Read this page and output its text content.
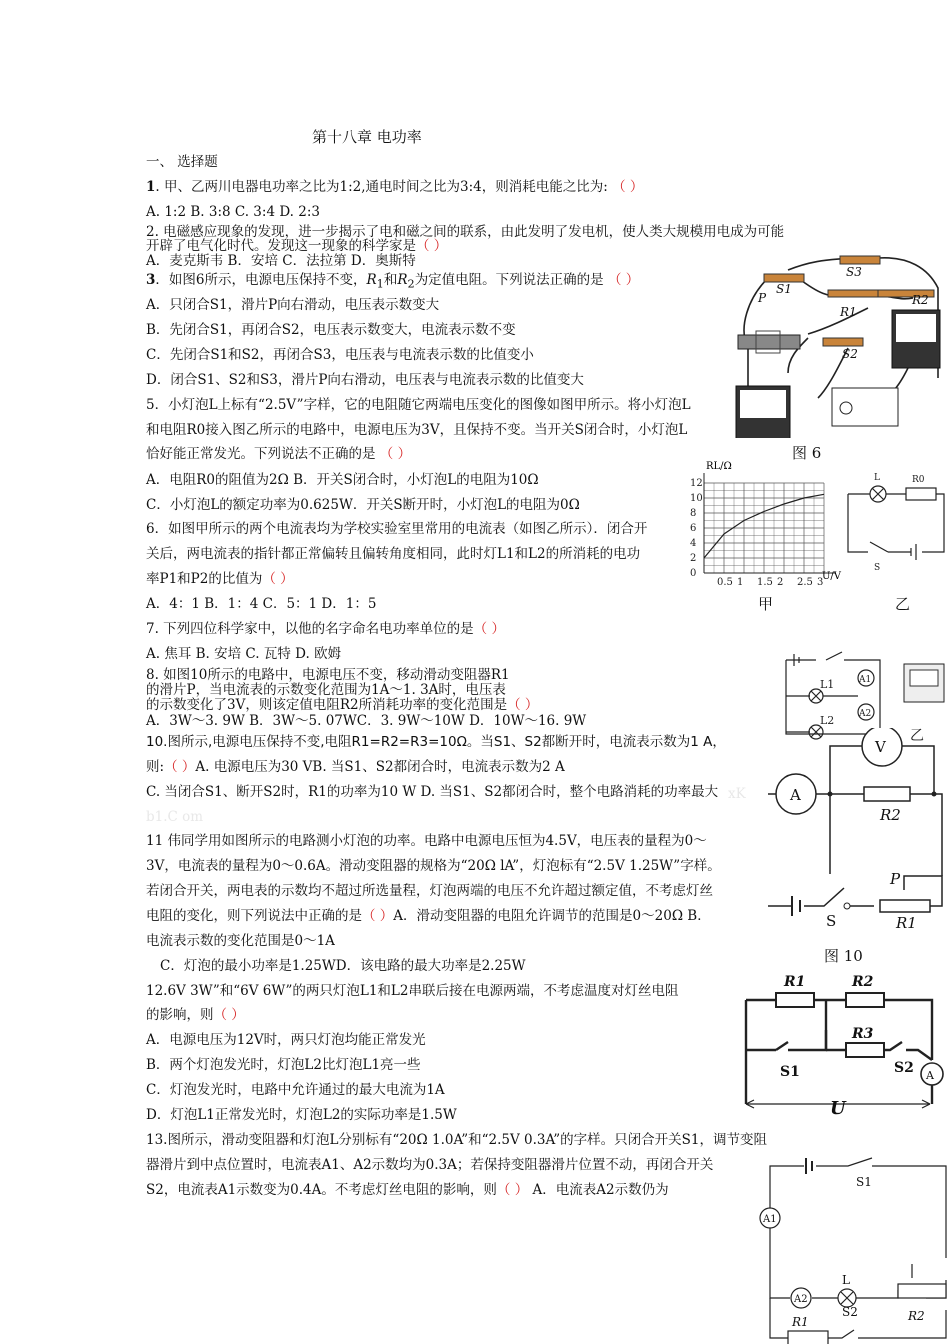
第十八章 电功率
一、 选择题
1. 甲、乙两川电器电功率之比为1:2,通电时间之比为3:4，则消耗电能之比为: （ ）
A. 1:2 B. 3:8 C. 3:4 D. 2:3
2. 电磁感应现象的发现，进一步揭示了电和磁之间的联系，由此发明了发电机，使人类大规模用电成为可能
开辟了电气化时代。发现这一现象的科学家是（ ）
A．麦克斯韦 B．安培 C．法拉第 D．奥斯特
3．如图6所示，电源电压保持不变，$R_1$和$R_2$为定值电阻。下列说法正确的是 （ ）
A．只闭合S1，滑片P向右滑动，电压表示数变大
B．先闭合S1，再闭合S2，电压表示数变大，电流表示数不变
C．先闭合S1和S2，再闭合S3，电压表与电流表示数的比值变小
D．闭合S1、S2和S3，滑片P向右滑动，电压表与电流表示数的比值变大
5．小灯泡L上标有“2.5V”字样，它的电阻随它两端电压变化的图像如图甲所示。将小灯泡L
和电阻R0接入图乙所示的电路中，电源电压为3V，且保持不变。当开关S闭合时，小灯泡L
恰好能正常发光。下列说法不正确的是 （ ）
A．电阻R0的阻值为2Ω B．开关S闭合时，小灯泡L的电阻为10Ω
C．小灯泡L的额定功率为0.625W．开关S断开时，小灯泡L的电阻为0Ω
6．如图甲所示的两个电流表均为学校实验室里常用的电流表（如图乙所示）．闭合开
关后，两电流表的指针都正常偏转且偏转角度相同，此时灯L1和L2的所消耗的电功
率P1和P2的比值为（ ）
A．4：1 B．1：4 C．5：1 D．1：5
7. 下列四位科学家中，以他的名字命名电功率单位的是（ ）
A. 焦耳 B. 安培 C. 瓦特 D. 欧姆
8. 如图10所示的电路中，电源电压不变，移动滑动变阻器R1
的滑片P，当电流表的示数变化范围为1A～1. 3A时，电压表
的示数变化了3V，则该定值电阻R2所消耗功率的变化范围是（ ）
A．3W～3. 9W B．3W～5. 07WC．3. 9W～10W D．10W～16. 9W
10.图所示,电源电压保持不变,电阻R1=R2=R3=10Ω。当S1、S2都断开时，电流表示数为1 A，
则:（ ）A. 电源电压为30 VB. 当S1、S2都闭合时，电流表示数为2 A
C. 当闭合S1、断开S2时，R1的功率为10 W D. 当S1、S2都闭合时，整个电路消耗的功率最大 xK
b1.C om
11 伟同学用如图所示的电路测小灯泡的功率。电路中电源电压恒为4.5V，电压表的量程为0～
3V，电流表的量程为0～0.6A。滑动变阻器的规格为“20Ω lA”，灯泡标有“2.5V 1.25W”字样。
若闭合开关，两电表的示数均不超过所选量程，灯泡两端的电压不允许超过额定值，不考虑灯丝
电阻的变化，则下列说法中正确的是（ ）A．滑动变阻器的电阻允许调节的范围是0～20Ω B．
电流表示数的变化范围是0～1A
C．灯泡的最小功率是1.25WD．该电路的最大功率是2.25W
12.6V 3W”和“6V 6W”的两只灯泡L1和L2串联后接在电源两端，不考虑温度对灯丝电阻
的影响，则（ ）
A．电源电压为12V时，两只灯泡均能正常发光
B．两个灯泡发光时，灯泡L2比灯泡L1亮一些
C．灯泡发光时，电路中允许通过的最大电流为1A
D．灯泡L1正常发光时，灯泡L2的实际功率是1.5W
13.图所示，滑动变阻器和灯泡L分别标有“20Ω 1.0A”和“2.5V 0.3A”的字样。只闭合开关S1，调节变阻
器滑片到中点位置时，电流表A1、A2示数均为0.3A；若保持变阻器滑片位置不动，再闭合开关
S2，电流表A1示数变为0.4A。不考虑灯丝电阻的影响，则（ ） A．电流表A2示数仍为
S1
S3
P
R1
R2
S2
图 6
0
2
4
6
8
10
12
0.5 1 1.5 2 2.5 3
RL/Ω
U/V
甲
L	R0
S
乙
L1
L2
A1
A2
乙
V
A
R2
P
R1
S
图 10
R1	R2
R3
S1	S2 A
U
S1
A1
A2
L
R2
R1
S2
